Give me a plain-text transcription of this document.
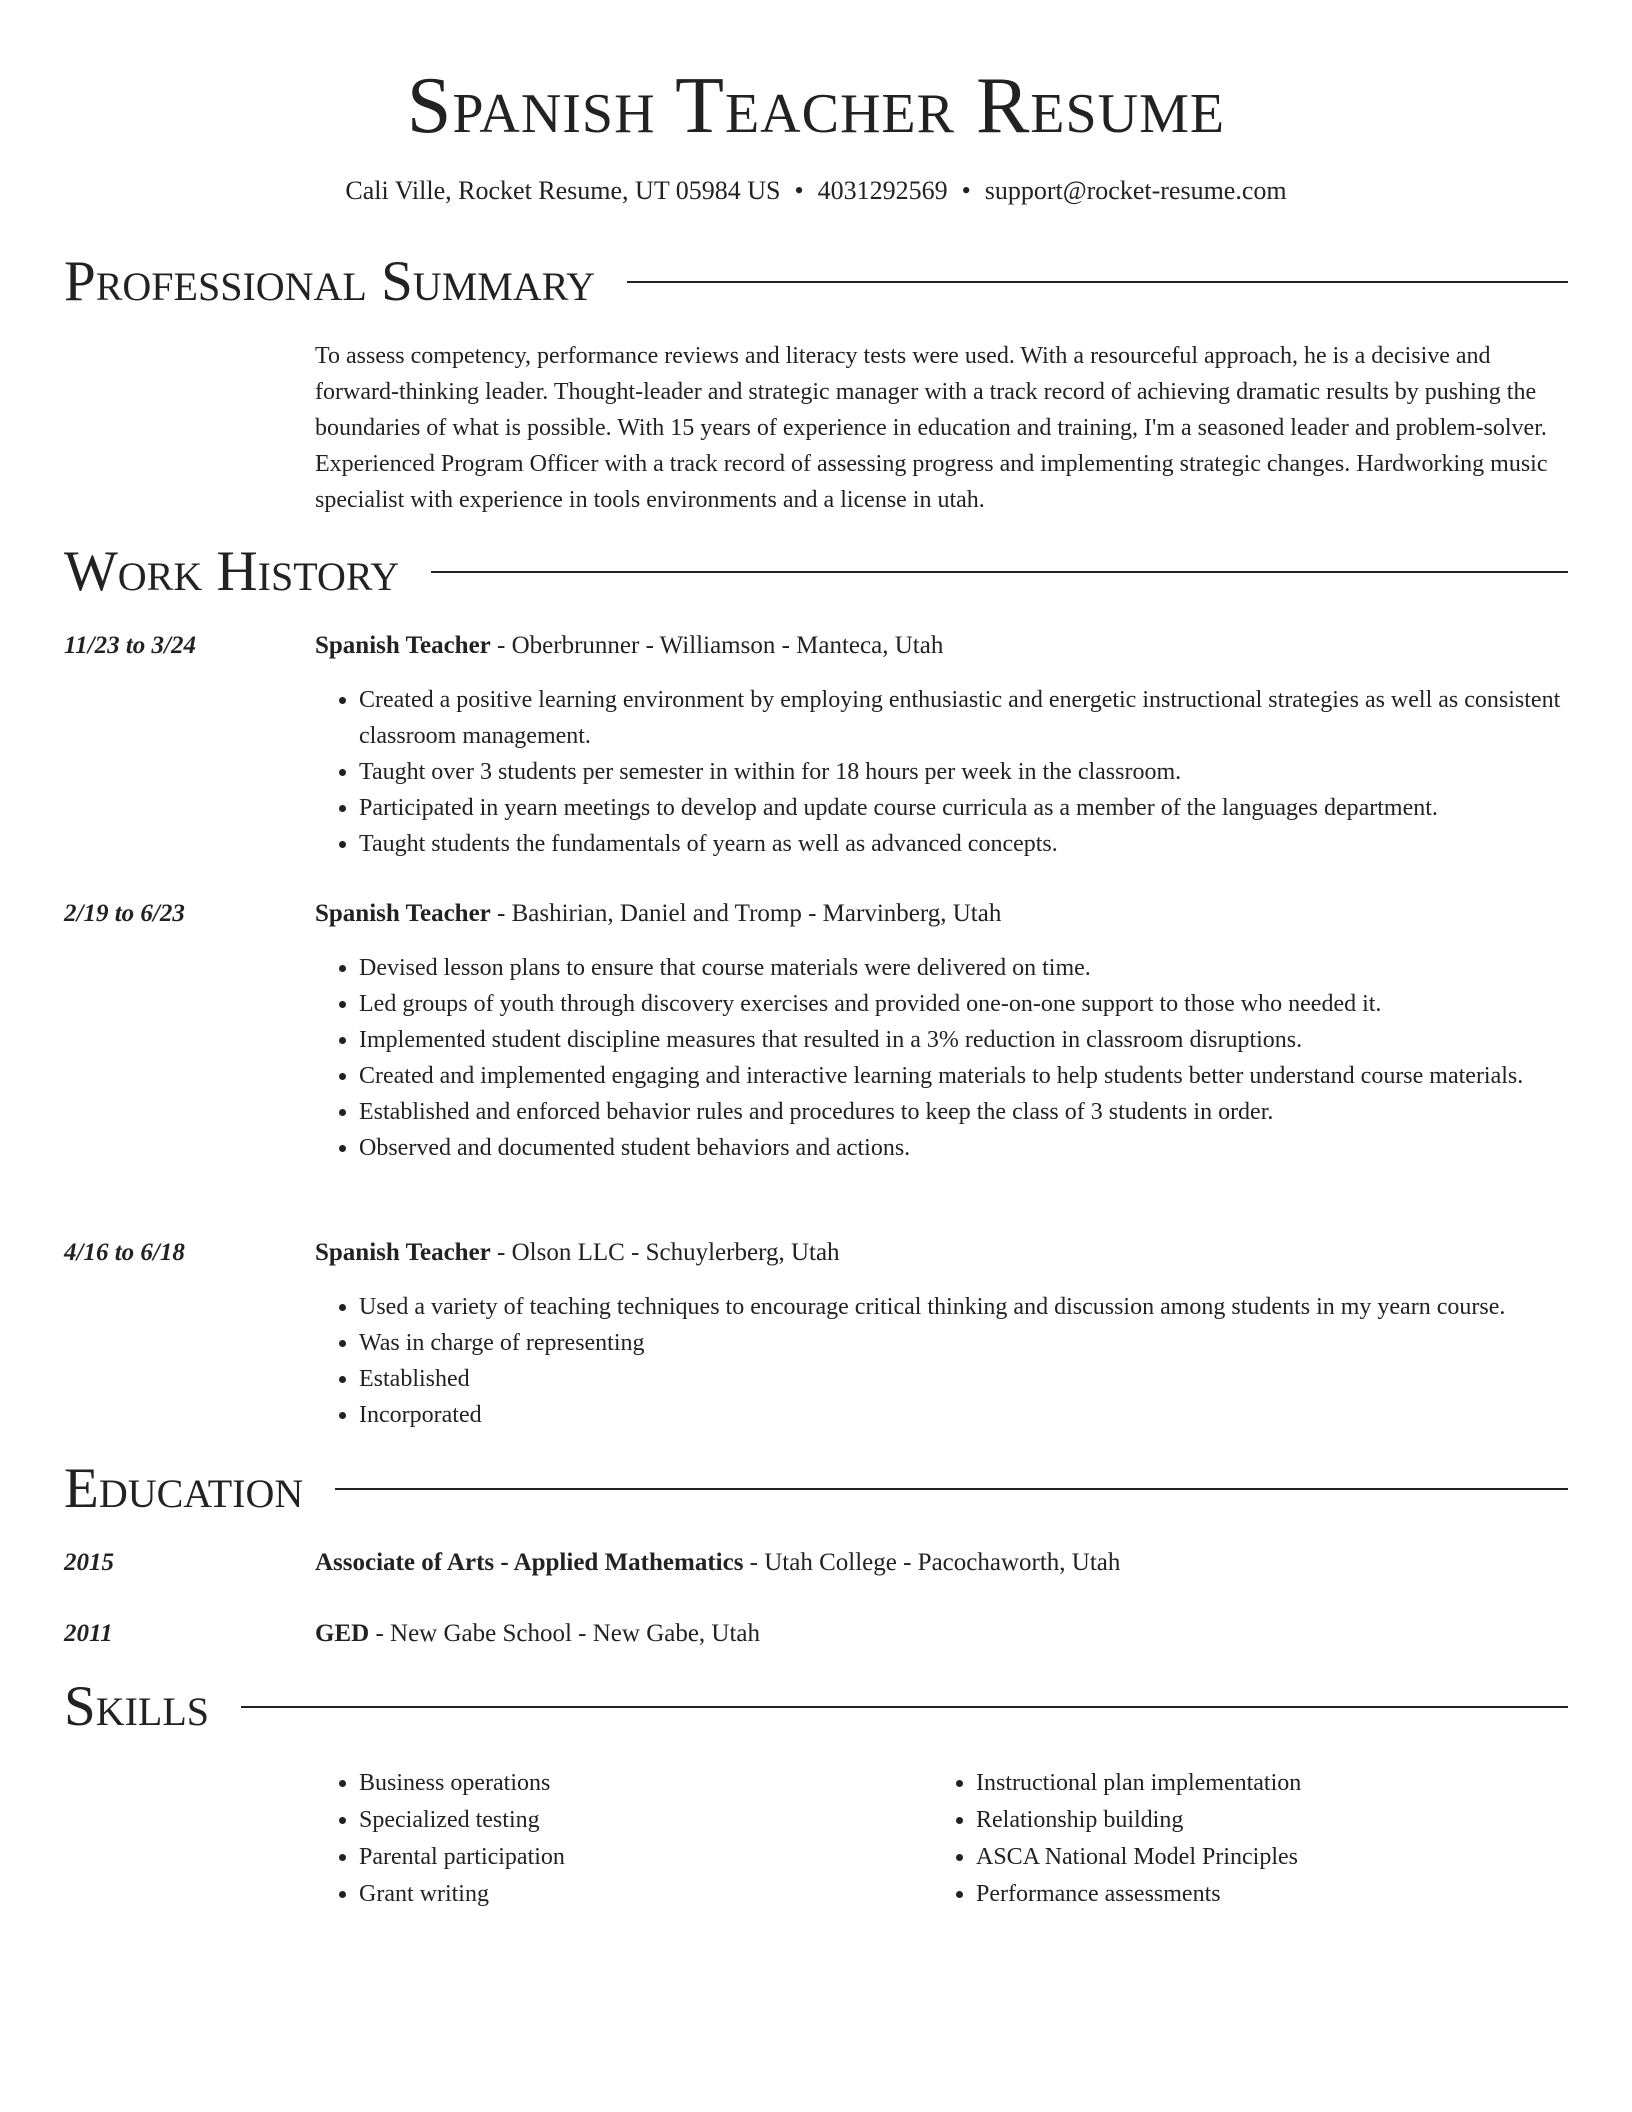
Spanish Teacher Resume
Cali Ville, Rocket Resume, UT 05984 US • 4031292569 • support@rocket-resume.com
Professional Summary
To assess competency, performance reviews and literacy tests were used. With a resourceful approach, he is a decisive and forward-thinking leader. Thought-leader and strategic manager with a track record of achieving dramatic results by pushing the boundaries of what is possible. With 15 years of experience in education and training, I'm a seasoned leader and problem-solver. Experienced Program Officer with a track record of assessing progress and implementing strategic changes. Hardworking music specialist with experience in tools environments and a license in utah.
Work History
11/23 to 3/24	Spanish Teacher - Oberbrunner - Williamson - Manteca, Utah
• Created a positive learning environment by employing enthusiastic and energetic instructional strategies as well as consistent classroom management.
• Taught over 3 students per semester in within for 18 hours per week in the classroom.
• Participated in yearn meetings to develop and update course curricula as a member of the languages department.
• Taught students the fundamentals of yearn as well as advanced concepts.
2/19 to 6/23	Spanish Teacher - Bashirian, Daniel and Tromp - Marvinberg, Utah
• Devised lesson plans to ensure that course materials were delivered on time.
• Led groups of youth through discovery exercises and provided one-on-one support to those who needed it.
• Implemented student discipline measures that resulted in a 3% reduction in classroom disruptions.
• Created and implemented engaging and interactive learning materials to help students better understand course materials.
• Established and enforced behavior rules and procedures to keep the class of 3 students in order.
• Observed and documented student behaviors and actions.
4/16 to 6/18	Spanish Teacher - Olson LLC - Schuylerberg, Utah
• Used a variety of teaching techniques to encourage critical thinking and discussion among students in my yearn course.
• Was in charge of representing
• Established
• Incorporated
Education
2015	Associate of Arts - Applied Mathematics - Utah College - Pacochaworth, Utah
2011	GED - New Gabe School - New Gabe, Utah
Skills
• Business operations
• Specialized testing
• Parental participation
• Grant writing
• Instructional plan implementation
• Relationship building
• ASCA National Model Principles
• Performance assessments
